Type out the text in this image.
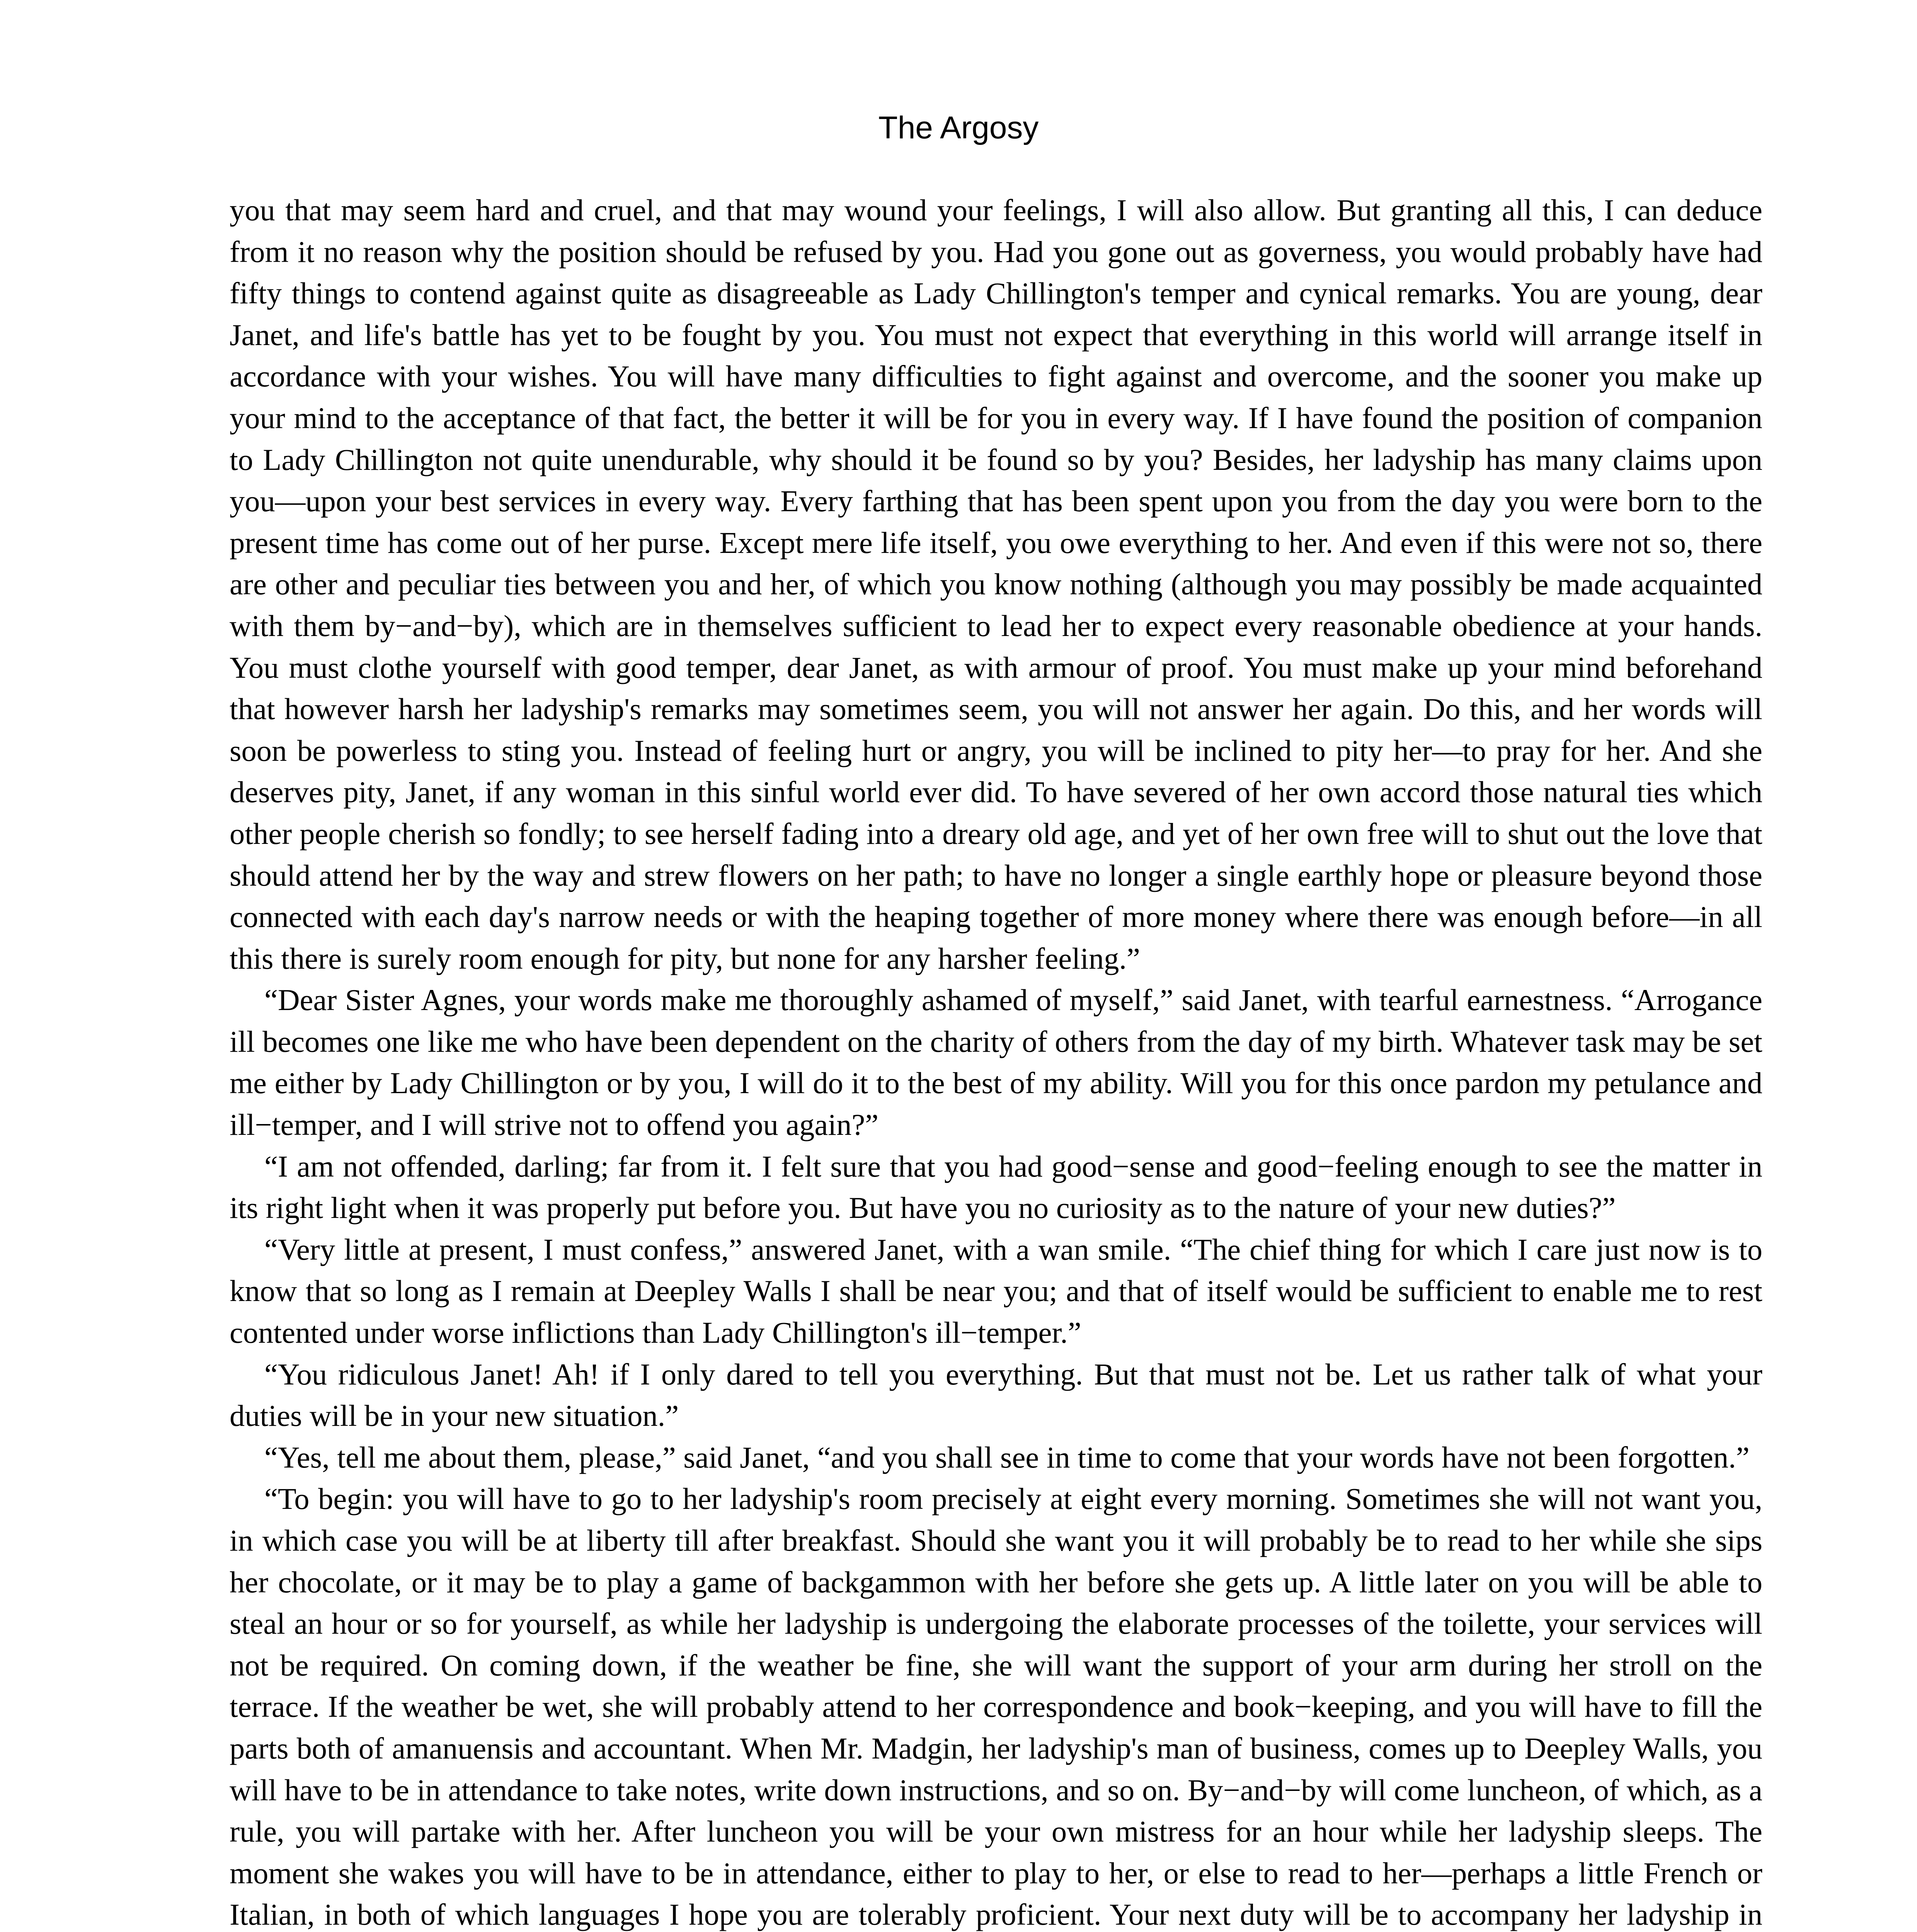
The Argosy

you that may seem hard and cruel, and that may wound your feelings, I will also allow. But granting all this, I can deduce from it no reason why the position should be refused by you. Had you gone out as governess, you would probably have had fifty things to contend against quite as disagreeable as Lady Chillington's temper and cynical remarks. You are young, dear Janet, and life's battle has yet to be fought by you. You must not expect that everything in this world will arrange itself in accordance with your wishes. You will have many difficulties to fight against and overcome, and the sooner you make up your mind to the acceptance of that fact, the better it will be for you in every way. If I have found the position of companion to Lady Chillington not quite unendurable, why should it be found so by you? Besides, her ladyship has many claims upon you—upon your best services in every way. Every farthing that has been spent upon you from the day you were born to the present time has come out of her purse. Except mere life itself, you owe everything to her. And even if this were not so, there are other and peculiar ties between you and her, of which you know nothing (although you may possibly be made acquainted with them by−and−by), which are in themselves sufficient to lead her to expect every reasonable obedience at your hands. You must clothe yourself with good temper, dear Janet, as with armour of proof. You must make up your mind beforehand that however harsh her ladyship's remarks may sometimes seem, you will not answer her again. Do this, and her words will soon be powerless to sting you. Instead of feeling hurt or angry, you will be inclined to pity her—to pray for her. And she deserves pity, Janet, if any woman in this sinful world ever did. To have severed of her own accord those natural ties which other people cherish so fondly; to see herself fading into a dreary old age, and yet of her own free will to shut out the love that should attend her by the way and strew flowers on her path; to have no longer a single earthly hope or pleasure beyond those connected with each day's narrow needs or with the heaping together of more money where there was enough before—in all this there is surely room enough for pity, but none for any harsher feeling.”

“Dear Sister Agnes, your words make me thoroughly ashamed of myself,” said Janet, with tearful earnestness. “Arrogance ill becomes one like me who have been dependent on the charity of others from the day of my birth. Whatever task may be set me either by Lady Chillington or by you, I will do it to the best of my ability. Will you for this once pardon my petulance and ill−temper, and I will strive not to offend you again?”

“I am not offended, darling; far from it. I felt sure that you had good−sense and good−feeling enough to see the matter in its right light when it was properly put before you. But have you no curiosity as to the nature of your new duties?”

“Very little at present, I must confess,” answered Janet, with a wan smile. “The chief thing for which I care just now is to know that so long as I remain at Deepley Walls I shall be near you; and that of itself would be sufficient to enable me to rest contented under worse inflictions than Lady Chillington's ill−temper.”

“You ridiculous Janet! Ah! if I only dared to tell you everything. But that must not be. Let us rather talk of what your duties will be in your new situation.”

“Yes, tell me about them, please,” said Janet, “and you shall see in time to come that your words have not been forgotten.”

“To begin: you will have to go to her ladyship's room precisely at eight every morning. Sometimes she will not want you, in which case you will be at liberty till after breakfast. Should she want you it will probably be to read to her while she sips her chocolate, or it may be to play a game of backgammon with her before she gets up. A little later on you will be able to steal an hour or so for yourself, as while her ladyship is undergoing the elaborate processes of the toilette, your services will not be required. On coming down, if the weather be fine, she will want the support of your arm during her stroll on the terrace. If the weather be wet, she will probably attend to her correspondence and book−keeping, and you will have to fill the parts both of amanuensis and accountant. When Mr. Madgin, her ladyship's man of business, comes up to Deepley Walls, you will have to be in attendance to take notes, write down instructions, and so on. By−and−by will come luncheon, of which, as a rule, you will partake with her. After luncheon you will be your own mistress for an hour while her ladyship sleeps. The moment she wakes you will have to be in attendance, either to play to her, or else to read to her—perhaps a little French or Italian, in both of which languages I hope you are tolerably proficient. Your next duty will be to accompany her ladyship in
